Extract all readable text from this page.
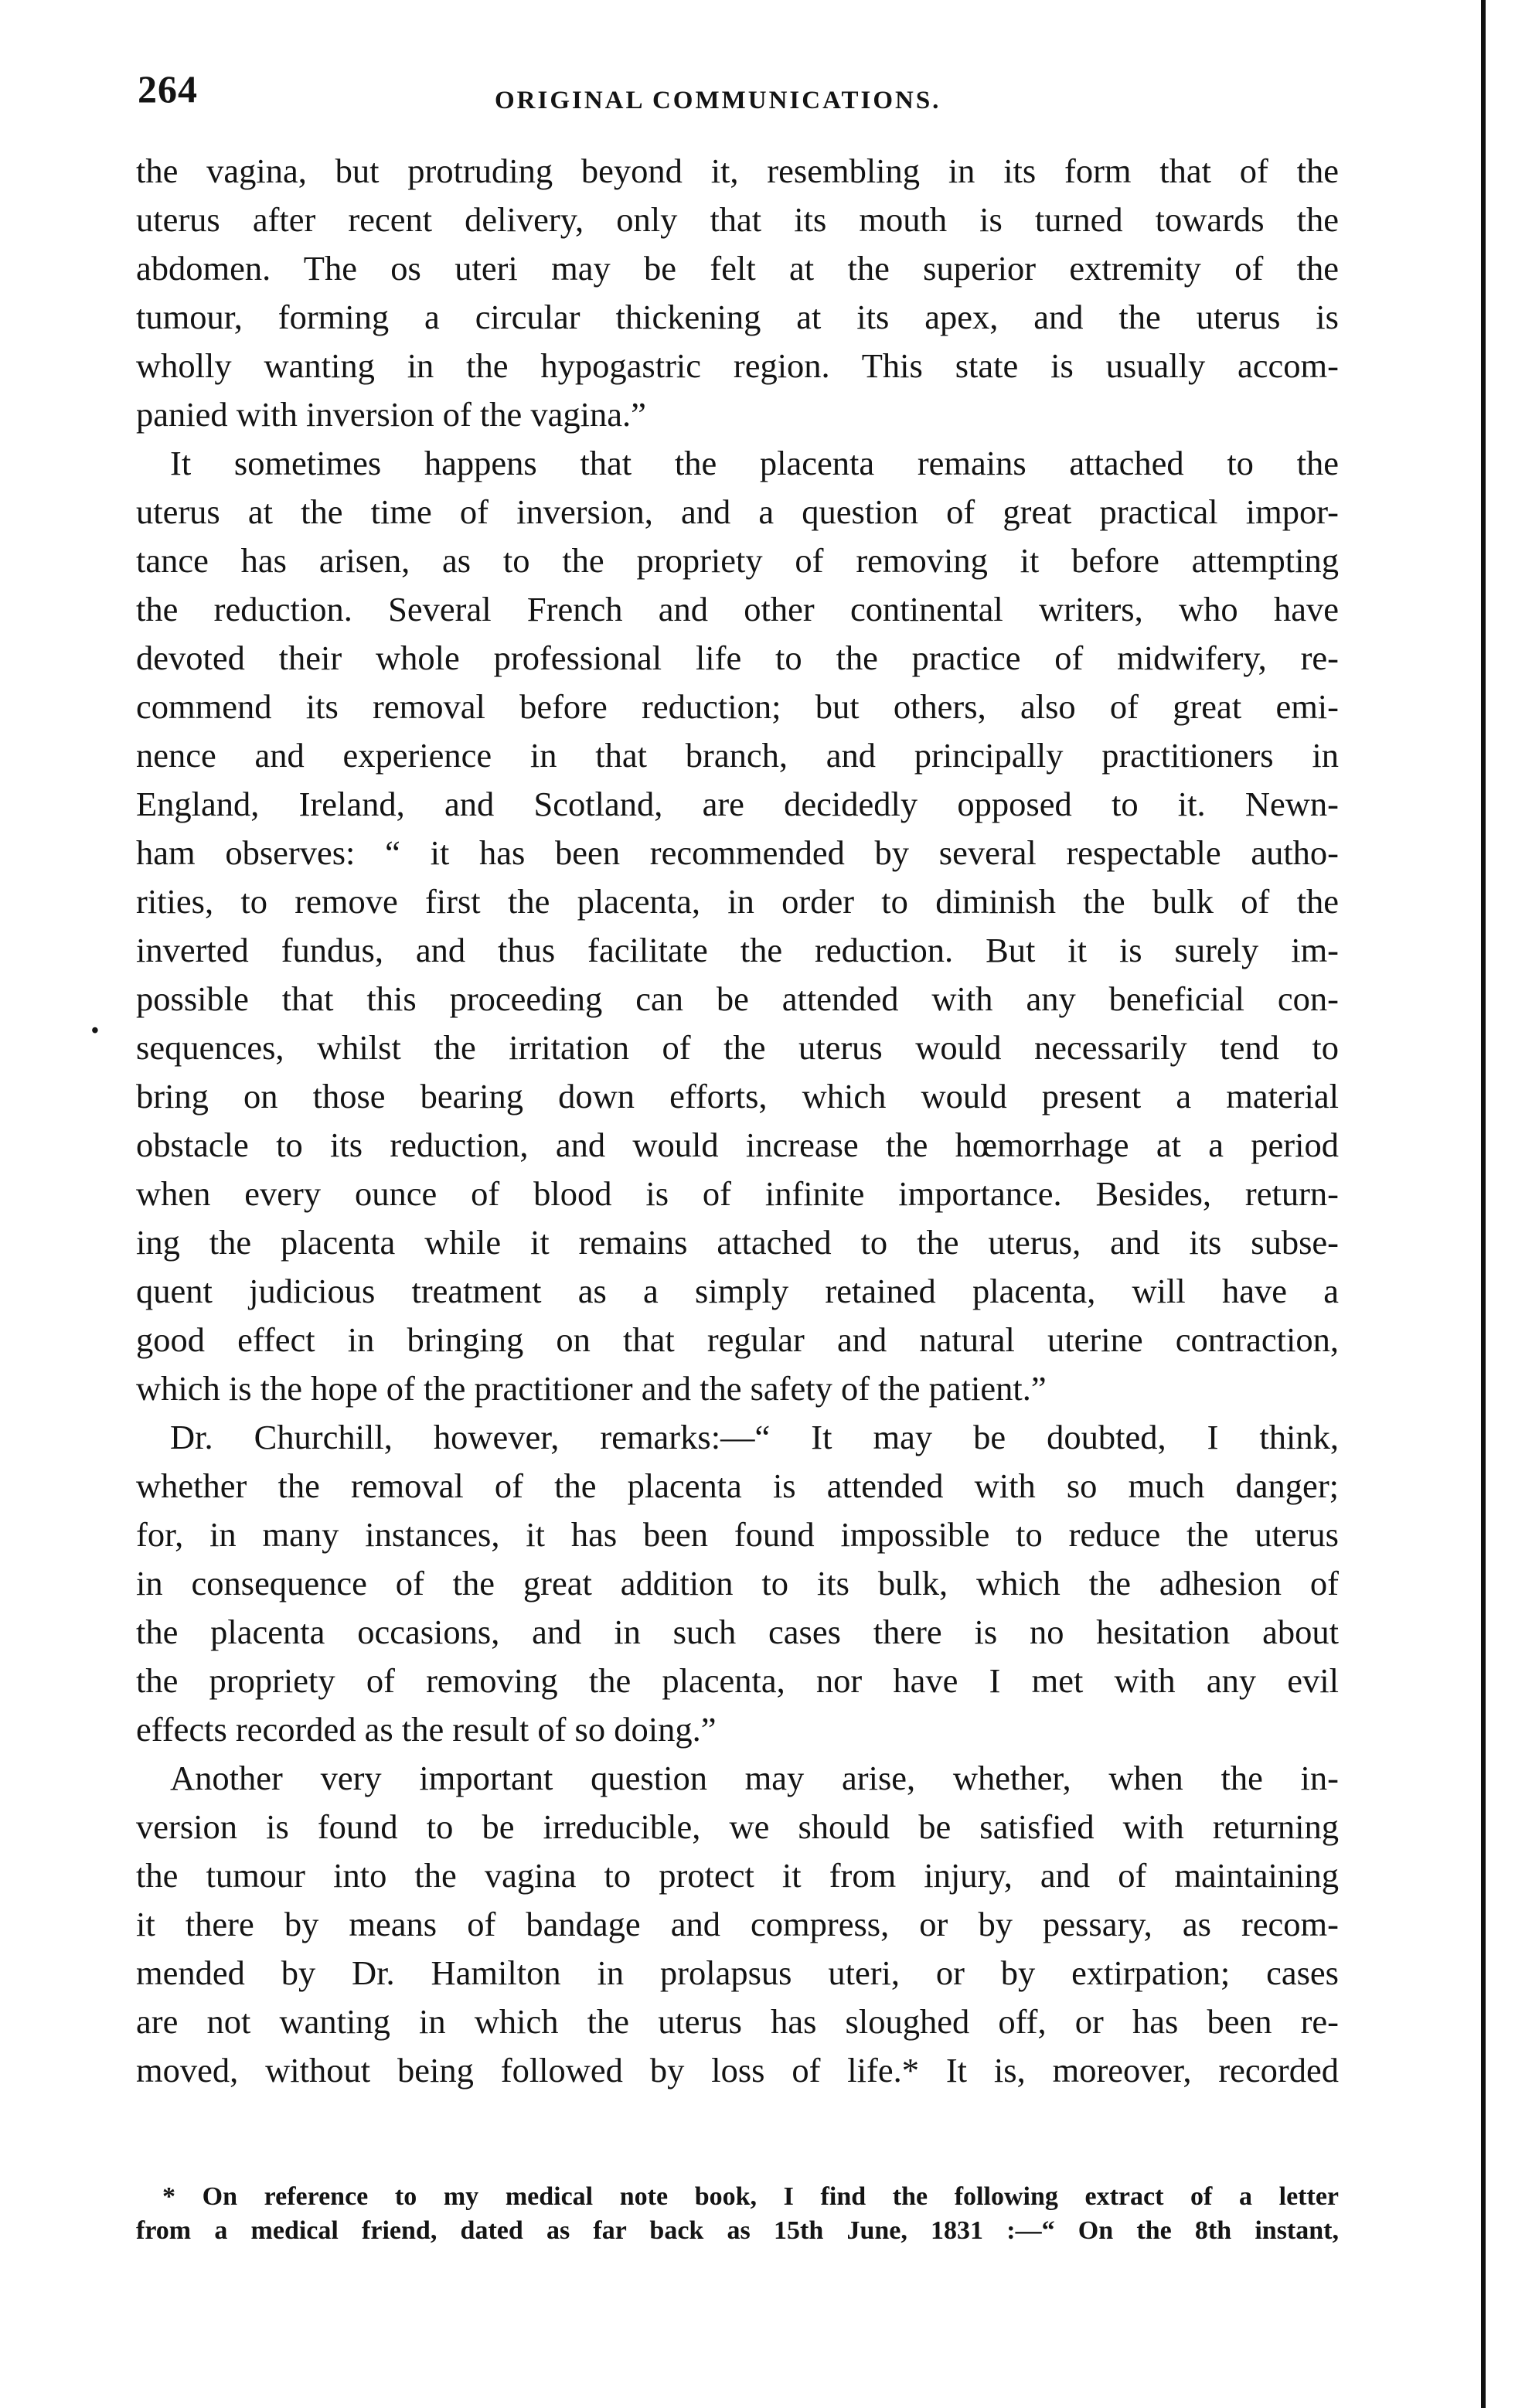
264	ORIGINAL COMMUNICATIONS.
•
the vagina, but protruding beyond it, resembling in its form that of the
uterus after recent delivery, only that its mouth is turned towards the
abdomen. The os uteri may be felt at the superior extremity of the
tumour, forming a circular thickening at its apex, and the uterus is
wholly wanting in the hypogastric region. This state is usually accom-
panied with inversion of the vagina.”
It sometimes happens that the placenta remains attached to the
uterus at the time of inversion, and a question of great practical impor-
tance has arisen, as to the propriety of removing it before attempting
the reduction. Several French and other continental writers, who have
devoted their whole professional life to the practice of midwifery, re-
commend its removal before reduction; but others, also of great emi-
nence and experience in that branch, and principally practitioners in
England, Ireland, and Scotland, are decidedly opposed to it. Newn-
ham observes: “ it has been recommended by several respectable autho-
rities, to remove first the placenta, in order to diminish the bulk of the
inverted fundus, and thus facilitate the reduction. But it is surely im-
possible that this proceeding can be attended with any beneficial con-
sequences, whilst the irritation of the uterus would necessarily tend to
bring on those bearing down efforts, which would present a material
obstacle to its reduction, and would increase the hœmorrhage at a period
when every ounce of blood is of infinite importance. Besides, return-
ing the placenta while it remains attached to the uterus, and its subse-
quent judicious treatment as a simply retained placenta, will have a
good effect in bringing on that regular and natural uterine contraction,
which is the hope of the practitioner and the safety of the patient.”
Dr. Churchill, however, remarks:—“ It may be doubted, I think,
whether the removal of the placenta is attended with so much danger;
for, in many instances, it has been found impossible to reduce the uterus
in consequence of the great addition to its bulk, which the adhesion of
the placenta occasions, and in such cases there is no hesitation about
the propriety of removing the placenta, nor have I met with any evil
effects recorded as the result of so doing.”
Another very important question may arise, whether, when the in-
version is found to be irreducible, we should be satisfied with returning
the tumour into the vagina to protect it from injury, and of maintaining
it there by means of bandage and compress, or by pessary, as recom-
mended by Dr. Hamilton in prolapsus uteri, or by extirpation; cases
are not wanting in which the uterus has sloughed off, or has been re-
moved, without being followed by loss of life.* It is, moreover, recorded
* On reference to my medical note book, I find the following extract of a letter
from a medical friend, dated as far back as 15th June, 1831 :—“ On the 8th instant,
